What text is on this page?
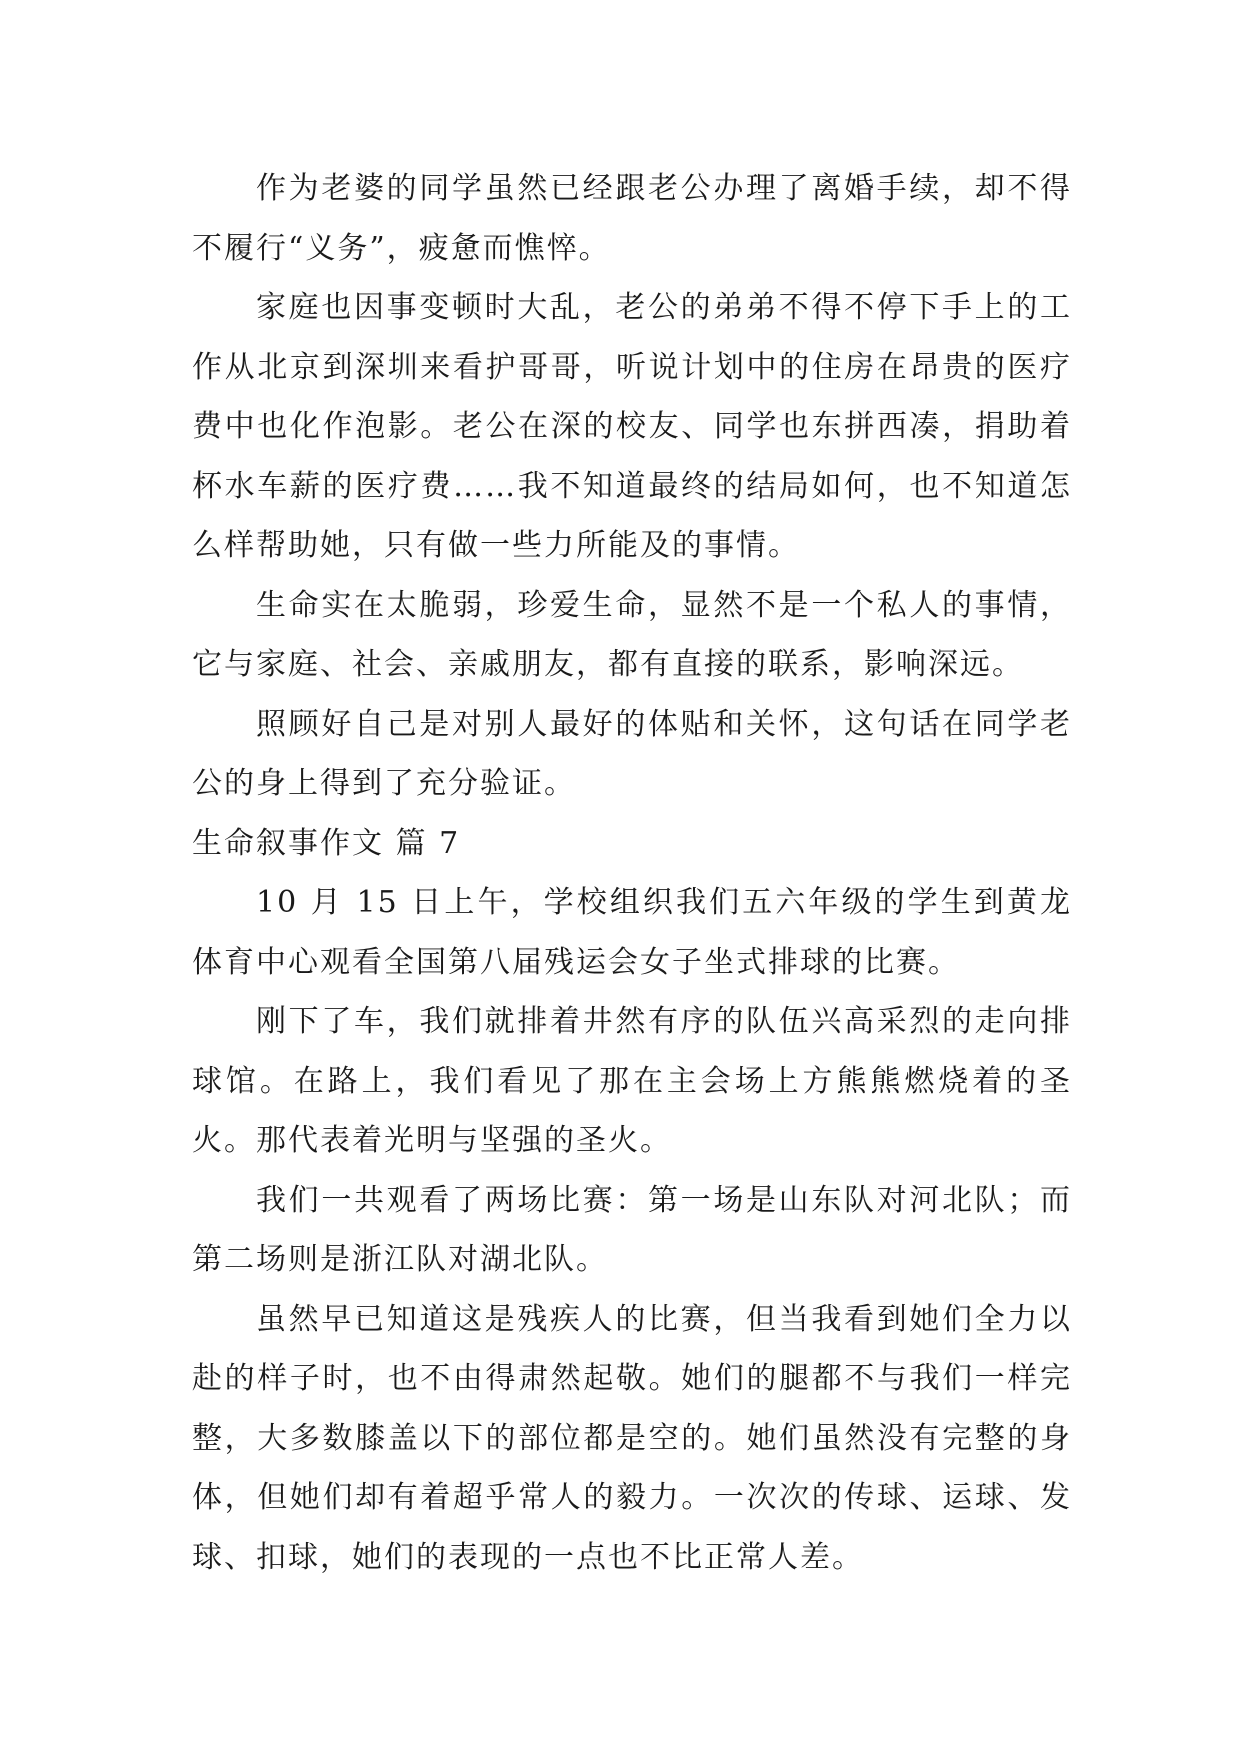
作为老婆的同学虽然已经跟老公办理了离婚手续，却不得不履行“义务”，疲惫而憔悴。

家庭也因事变顿时大乱，老公的弟弟不得不停下手上的工作从北京到深圳来看护哥哥，听说计划中的住房在昂贵的医疗费中也化作泡影。老公在深的校友、同学也东拼西凑，捐助着杯水车薪的医疗费……我不知道最终的结局如何，也不知道怎么样帮助她，只有做一些力所能及的事情。

生命实在太脆弱，珍爱生命，显然不是一个私人的事情，它与家庭、社会、亲戚朋友，都有直接的联系，影响深远。

照顾好自己是对别人最好的体贴和关怀，这句话在同学老公的身上得到了充分验证。

生命叙事作文 篇 7

10 月 15 日上午，学校组织我们五六年级的学生到黄龙体育中心观看全国第八届残运会女子坐式排球的比赛。

刚下了车，我们就排着井然有序的队伍兴高采烈的走向排球馆。在路上，我们看见了那在主会场上方熊熊燃烧着的圣火。那代表着光明与坚强的圣火。

我们一共观看了两场比赛：第一场是山东队对河北队；而第二场则是浙江队对湖北队。

虽然早已知道这是残疾人的比赛，但当我看到她们全力以赴的样子时，也不由得肃然起敬。她们的腿都不与我们一样完整，大多数膝盖以下的部位都是空的。她们虽然没有完整的身体，但她们却有着超乎常人的毅力。一次次的传球、运球、发球、扣球，她们的表现的一点也不比正常人差。
